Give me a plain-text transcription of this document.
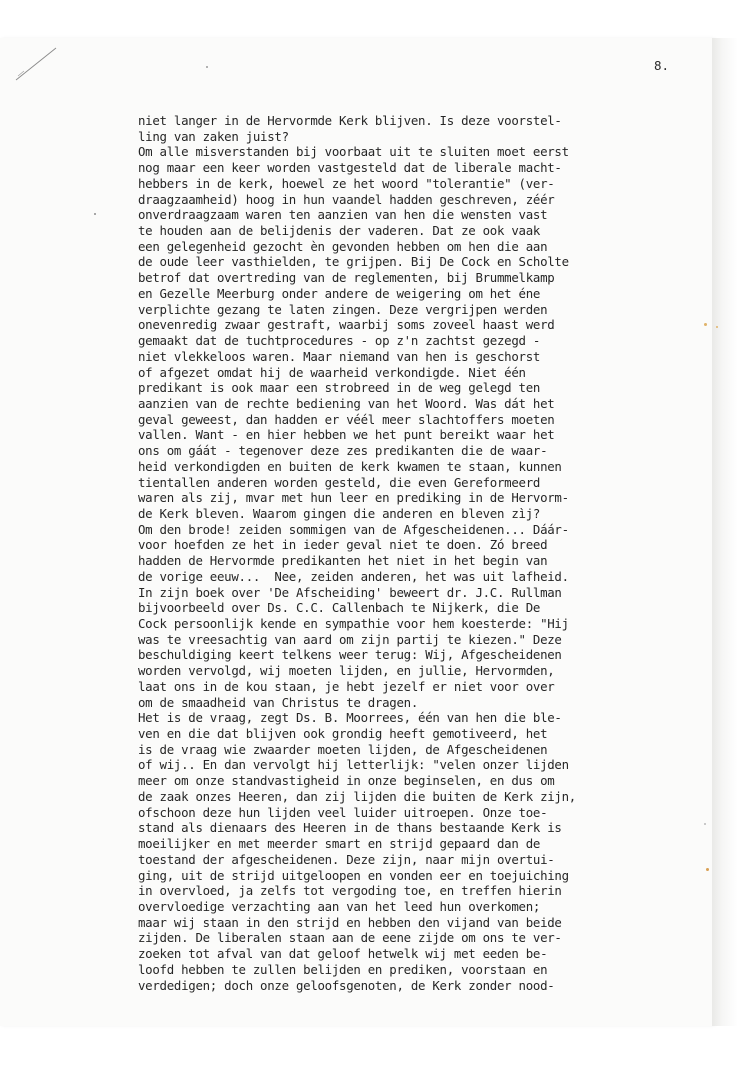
8.
niet langer in de Hervormde Kerk blijven. Is deze voorstel-
ling van zaken juist?
Om alle misverstanden bij voorbaat uit te sluiten moet eerst
nog maar een keer worden vastgesteld dat de liberale macht-
hebbers in de kerk, hoewel ze het woord "tolerantie" (ver-
draagzaamheid) hoog in hun vaandel hadden geschreven, zéér
onverdraagzaam waren ten aanzien van hen die wensten vast
te houden aan de belijdenis der vaderen. Dat ze ook vaak
een gelegenheid gezocht èn gevonden hebben om hen die aan
de oude leer vasthielden, te grijpen. Bij De Cock en Scholte
betrof dat overtreding van de reglementen, bij Brummelkamp
en Gezelle Meerburg onder andere de weigering om het éne
verplichte gezang te laten zingen. Deze vergrijpen werden
onevenredig zwaar gestraft, waarbij soms zoveel haast werd
gemaakt dat de tuchtprocedures - op z'n zachtst gezegd -
niet vlekkeloos waren. Maar niemand van hen is geschorst
of afgezet omdat hij de waarheid verkondigde. Niet één
predikant is ook maar een strobreed in de weg gelegd ten
aanzien van de rechte bediening van het Woord. Was dát het
geval geweest, dan hadden er véél meer slachtoffers moeten
vallen. Want - en hier hebben we het punt bereikt waar het
ons om gáát - tegenover deze zes predikanten die de waar-
heid verkondigden en buiten de kerk kwamen te staan, kunnen
tientallen anderen worden gesteld, die even Gereformeerd
waren als zij, mvar met hun leer en prediking in de Hervorm-
de Kerk bleven. Waarom gingen die anderen en bleven zìj?
Om den brode! zeiden sommigen van de Afgescheidenen... Dáár-
voor hoefden ze het in ieder geval niet te doen. Zó breed
hadden de Hervormde predikanten het niet in het begin van
de vorige eeuw...  Nee, zeiden anderen, het was uit lafheid.
In zijn boek over 'De Afscheiding' beweert dr. J.C. Rullman
bijvoorbeeld over Ds. C.C. Callenbach te Nijkerk, die De
Cock persoonlijk kende en sympathie voor hem koesterde: "Hij
was te vreesachtig van aard om zijn partij te kiezen." Deze
beschuldiging keert telkens weer terug: Wij, Afgescheidenen
worden vervolgd, wij moeten lijden, en jullie, Hervormden,
laat ons in de kou staan, je hebt jezelf er niet voor over
om de smaadheid van Christus te dragen.
Het is de vraag, zegt Ds. B. Moorrees, één van hen die ble-
ven en die dat blijven ook grondig heeft gemotiveerd, het
is de vraag wie zwaarder moeten lijden, de Afgescheidenen
of wij.. En dan vervolgt hij letterlijk: "velen onzer lijden
meer om onze standvastigheid in onze beginselen, en dus om
de zaak onzes Heeren, dan zij lijden die buiten de Kerk zijn,
ofschoon deze hun lijden veel luider uitroepen. Onze toe-
stand als dienaars des Heeren in de thans bestaande Kerk is
moeilijker en met meerder smart en strijd gepaard dan de
toestand der afgescheidenen. Deze zijn, naar mijn overtui-
ging, uit de strijd uitgeloopen en vonden eer en toejuiching
in overvloed, ja zelfs tot vergoding toe, en treffen hierin
overvloedige verzachting aan van het leed hun overkomen;
maar wij staan in den strijd en hebben den vijand van beide
zijden. De liberalen staan aan de eene zijde om ons te ver-
zoeken tot afval van dat geloof hetwelk wij met eeden be-
loofd hebben te zullen belijden en prediken, voorstaan en
verdedigen; doch onze geloofsgenoten, de Kerk zonder nood-
